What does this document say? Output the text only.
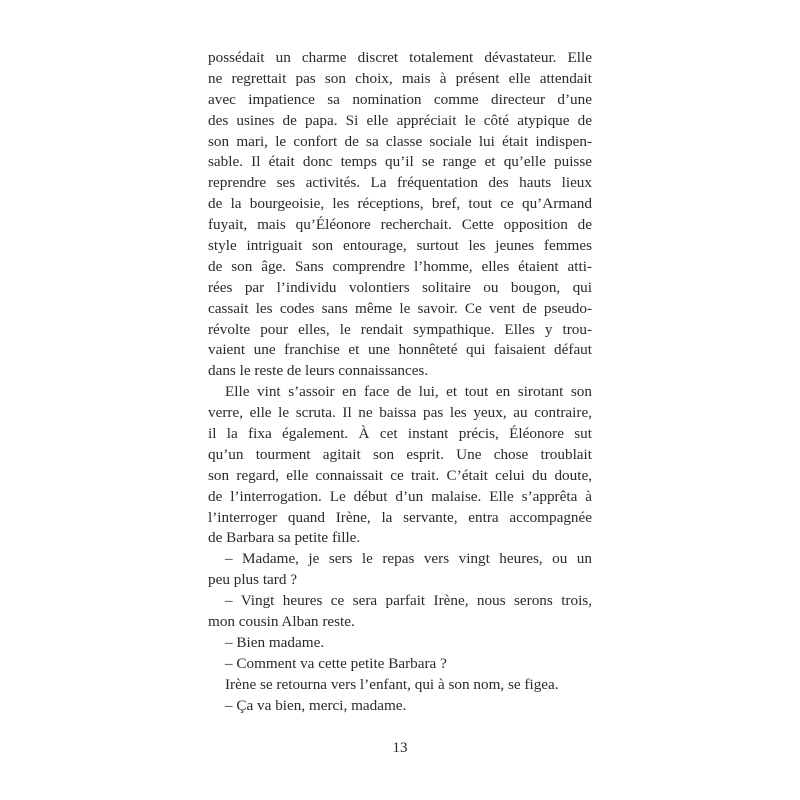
possédait un charme discret totalement dévastateur. Elle
ne regrettait pas son choix, mais à présent elle attendait
avec impatience sa nomination comme directeur d’une
des usines de papa. Si elle appréciait le côté atypique de
son mari, le confort de sa classe sociale lui était indispen-
sable. Il était donc temps qu’il se range et qu’elle puisse
reprendre ses activités. La fréquentation des hauts lieux
de la bourgeoisie, les réceptions, bref, tout ce qu’Armand
fuyait, mais qu’Éléonore recherchait. Cette opposition de
style intriguait son entourage, surtout les jeunes femmes
de son âge. Sans comprendre l’homme, elles étaient atti-
rées par l’individu volontiers solitaire ou bougon, qui
cassait les codes sans même le savoir. Ce vent de pseudo-
révolte pour elles, le rendait sympathique. Elles y trou-
vaient une franchise et une honnêteté qui faisaient défaut
dans le reste de leurs connaissances.
Elle vint s’assoir en face de lui, et tout en sirotant son
verre, elle le scruta. Il ne baissa pas les yeux, au contraire,
il la fixa également. À cet instant précis, Éléonore sut
qu’un tourment agitait son esprit. Une chose troublait
son regard, elle connaissait ce trait. C’était celui du doute,
de l’interrogation. Le début d’un malaise. Elle s’apprêta à
l’interroger quand Irène, la servante, entra accompagnée
de Barbara sa petite fille.
– Madame, je sers le repas vers vingt heures, ou un
peu plus tard ?
– Vingt heures ce sera parfait Irène, nous serons trois,
mon cousin Alban reste.
– Bien madame.
– Comment va cette petite Barbara ?
Irène se retourna vers l’enfant, qui à son nom, se figea.
– Ça va bien, merci, madame.
13
